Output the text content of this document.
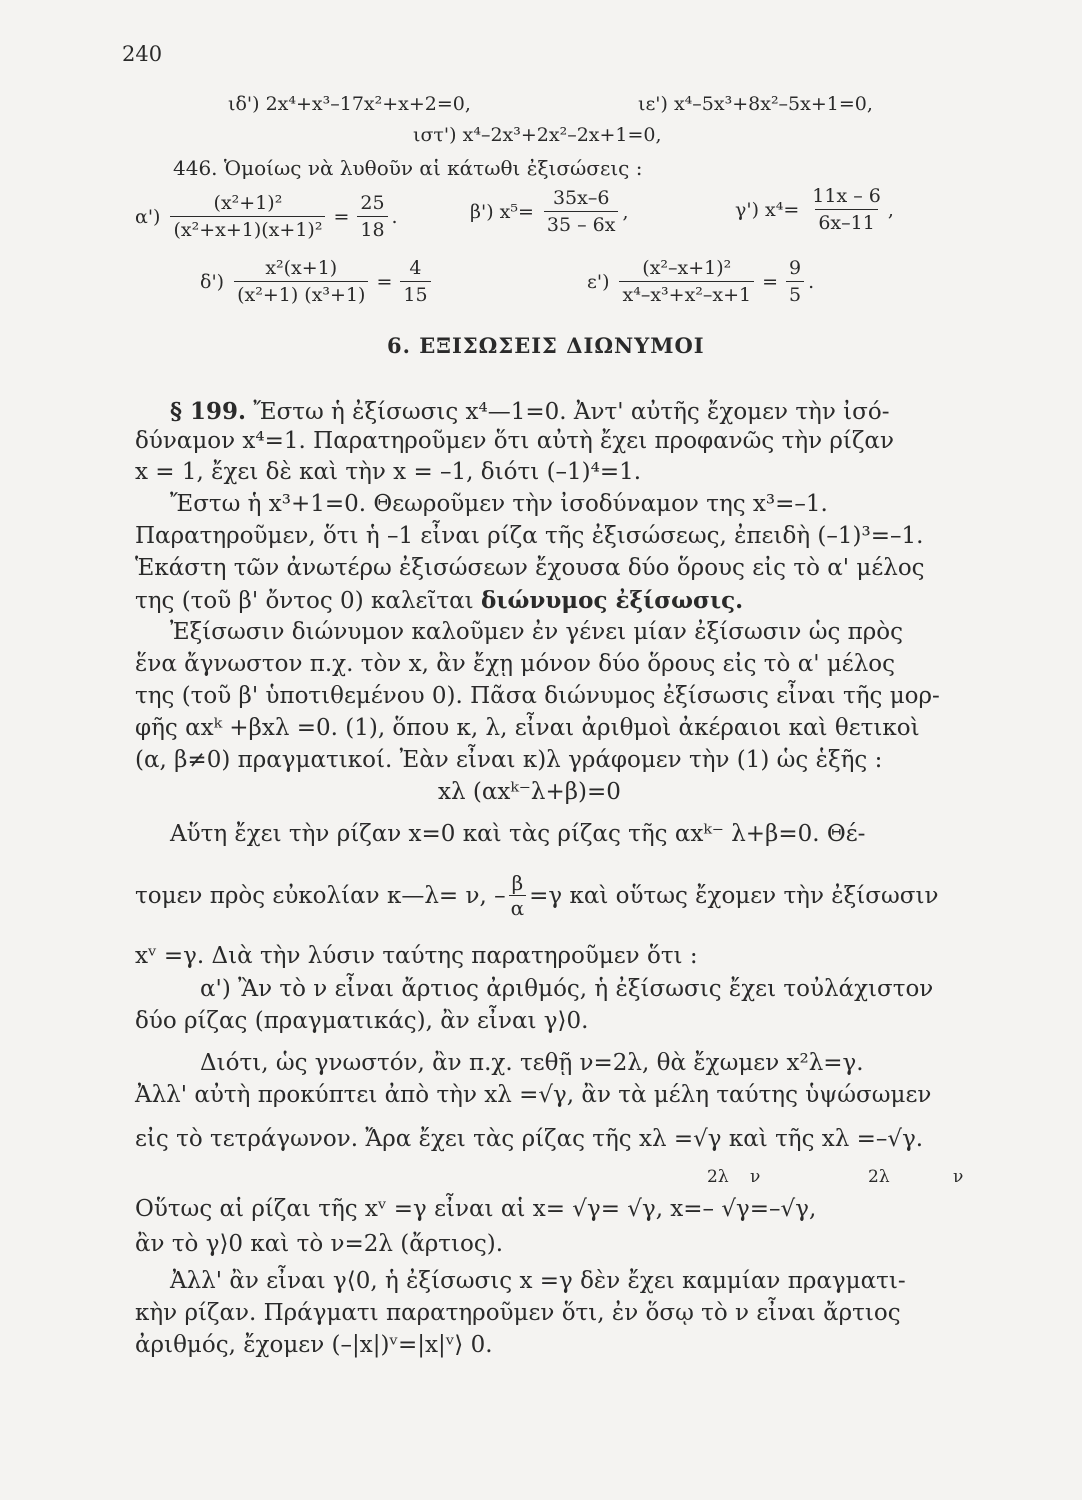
240
ιδ') 2x⁴+x³–17x²+x+2=0,	ιε') x⁴–5x³+8x²–5x+1=0,
ιστ') x⁴–2x³+2x²–2x+1=0,
446. Ὁμοίως νὰ λυθοῦν αἱ κάτωθι ἐξισώσεις :
$\alpha') \frac{\text{(x²+1)²}}{\text{(x²+x+1)(x+1)²}} = \frac{25}{18}$ .	β') $x^5= \frac{35x-6}{35 - 6x}$ ,	γ') $x^4= \frac{11x - 6}{6x-11}$ ,
$\delta') \frac{\text{x²(x+1)}}{\text{(x²+1) (x³+1)}} = \frac{4}{15}$	$\varepsilon') \frac{\text{(x²–x+1)²}}{\text{x⁴–x³+x²–x+1}} = \frac{9}{5}$ .
6. ΕΞΙΣΩΣΕΙΣ ΔΙΩΝΥΜΟΙ
§ 199. Ἔστω ἡ ἐξίσωσις x⁴—1=0. Ἀντ' αὐτῆς ἔχομεν τὴν ἰσό-
δύναμον x⁴=1. Παρατηροῦμεν ὅτι αὐτὴ ἔχει προφανῶς τὴν ρίζαν
x = 1, ἔχει δὲ καὶ τὴν x = –1, διότι (–1)⁴=1.
Ἔστω ἡ x³+1=0. Θεωροῦμεν τὴν ἰσοδύναμον της x³=–1.
Παρατηροῦμεν, ὅτι ἡ –1 εἶναι ρίζα τῆς ἐξισώσεως, ἐπειδὴ (–1)³=–1.
Ἑκάστη τῶν ἀνωτέρω ἐξισώσεων ἔχουσα δύο ὅρους εἰς τὸ α' μέλος
της (τοῦ β' ὄντος 0) καλεῖται διώνυμος ἐξίσωσις.
Ἐξίσωσιν διώνυμον καλοῦμεν ἐν γένει μίαν ἐξίσωσιν ὡς πρὸς
ἕνα ἄγνωστον π.χ. τὸν x, ἂν ἔχῃ μόνον δύο ὅρους εἰς τὸ α' μέλος
της (τοῦ β' ὑποτιθεμένου 0). Πᾶσα διώνυμος ἐξίσωσις εἶναι τῆς μορ-
φῆς αxᵏ +βxλ =0. (1), ὅπου κ, λ, εἶναι ἀριθμοὶ ἀκέραιοι καὶ θετικοὶ
(α, β≠0) πραγματικοί. Ἐὰν εἶναι κ)λ γράφομεν τὴν (1) ὡς ἑξῆς :
xλ (αxᵏ⁻λ+β)=0
Αὕτη ἔχει τὴν ρίζαν x=0 καὶ τὰς ρίζας τῆς αxᵏ⁻ λ+β=0. Θέ-
τομεν πρὸς εὐκολίαν κ—λ= ν, – $\frac{\beta}{\alpha} =\gamma$ καὶ οὕτως ἔχομεν τὴν ἐξίσωσιν
xᵛ =γ. Διὰ τὴν λύσιν ταύτης παρατηροῦμεν ὅτι :
α') Ἂν τὸ ν εἶναι ἄρτιος ἀριθμός, ἡ ἐξίσωσις ἔχει τοὐλάχιστον
δύο ρίζας (πραγματικάς), ἂν εἶναι γ⟩0.
Διότι, ὡς γνωστόν, ἂν π.χ. τεθῇ ν=2λ, θὰ ἔχωμεν x²λ=γ.
Ἀλλ' αὐτὴ προκύπτει ἀπὸ τὴν xλ =√γ, ἂν τὰ μέλη ταύτης ὑψώσωμεν
εἰς τὸ τετράγωνον. Ἄρα ἔχει τὰς ρίζας τῆς xλ =√γ καὶ τῆς xλ =–√γ.
2λ ν	2λ	ν
Οὕτως αἱ ρίζαι τῆς xᵛ =γ εἶναι αἱ x= √γ= √γ, x=– √γ=–√γ,
ἂν τὸ γ⟩0 καὶ τὸ ν=2λ (ἄρτιος).
Ἀλλ' ἂν εἶναι γ⟨0, ἡ ἐξίσωσις x =γ δὲν ἔχει καμμίαν πραγματι-
κὴν ρίζαν. Πράγματι παρατηροῦμεν ὅτι, ἐν ὅσῳ τὸ ν εἶναι ἄρτιος
ἀριθμός, ἔχομεν (–|x|)ᵛ=|x|ᵛ⟩ 0.
